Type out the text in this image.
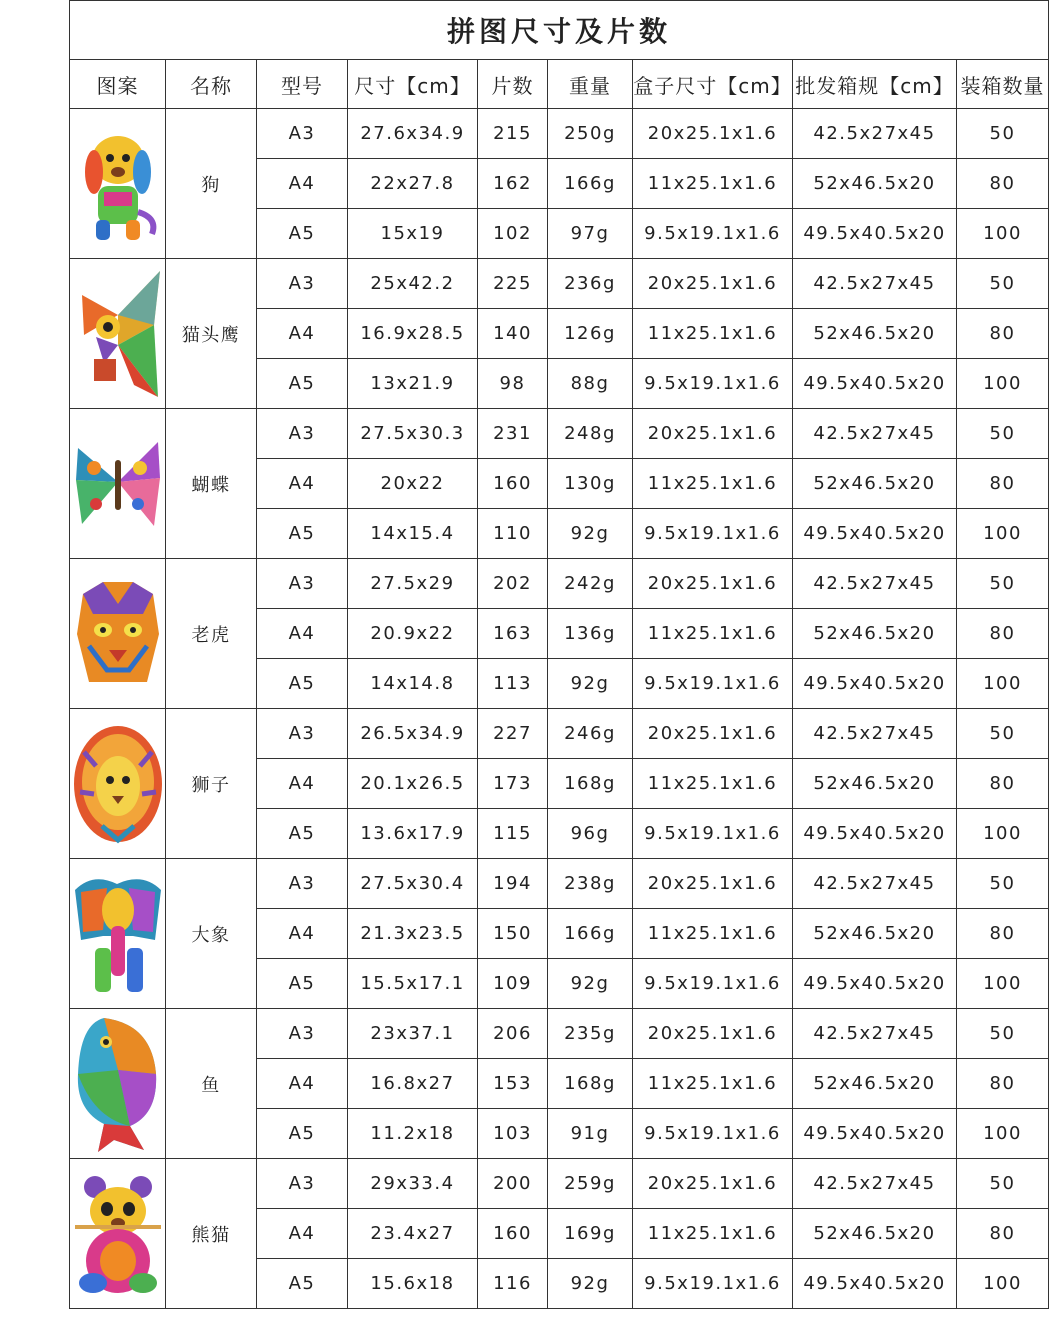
拼图尺寸及片数								
图案	名称	型号	尺寸【cm】	片数	重量	盒子尺寸【cm】	批发箱规【cm】	装箱数量

	狗	A3	27.6x34.9	215	250g	20x25.1x1.6	42.5x27x45	50
		A4	22x27.8	162	166g	11x25.1x1.6	52x46.5x20	80
		A5	15x19	102	97g	9.5x19.1x1.6	49.5x40.5x20	100

	猫头鹰	A3	25x42.2	225	236g	20x25.1x1.6	42.5x27x45	50
		A4	16.9x28.5	140	126g	11x25.1x1.6	52x46.5x20	80
		A5	13x21.9	98	88g	9.5x19.1x1.6	49.5x40.5x20	100

	蝴蝶	A3	27.5x30.3	231	248g	20x25.1x1.6	42.5x27x45	50
		A4	20x22	160	130g	11x25.1x1.6	52x46.5x20	80
		A5	14x15.4	110	92g	9.5x19.1x1.6	49.5x40.5x20	100

	老虎	A3	27.5x29	202	242g	20x25.1x1.6	42.5x27x45	50
		A4	20.9x22	163	136g	11x25.1x1.6	52x46.5x20	80
		A5	14x14.8	113	92g	9.5x19.1x1.6	49.5x40.5x20	100

	狮子	A3	26.5x34.9	227	246g	20x25.1x1.6	42.5x27x45	50
		A4	20.1x26.5	173	168g	11x25.1x1.6	52x46.5x20	80
		A5	13.6x17.9	115	96g	9.5x19.1x1.6	49.5x40.5x20	100

	大象	A3	27.5x30.4	194	238g	20x25.1x1.6	42.5x27x45	50
		A4	21.3x23.5	150	166g	11x25.1x1.6	52x46.5x20	80
		A5	15.5x17.1	109	92g	9.5x19.1x1.6	49.5x40.5x20	100

	鱼	A3	23x37.1	206	235g	20x25.1x1.6	42.5x27x45	50
		A4	16.8x27	153	168g	11x25.1x1.6	52x46.5x20	80
		A5	11.2x18	103	91g	9.5x19.1x1.6	49.5x40.5x20	100

	熊猫	A3	29x33.4	200	259g	20x25.1x1.6	42.5x27x45	50
		A4	23.4x27	160	169g	11x25.1x1.6	52x46.5x20	80
		A5	15.6x18	116	92g	9.5x19.1x1.6	49.5x40.5x20	100
